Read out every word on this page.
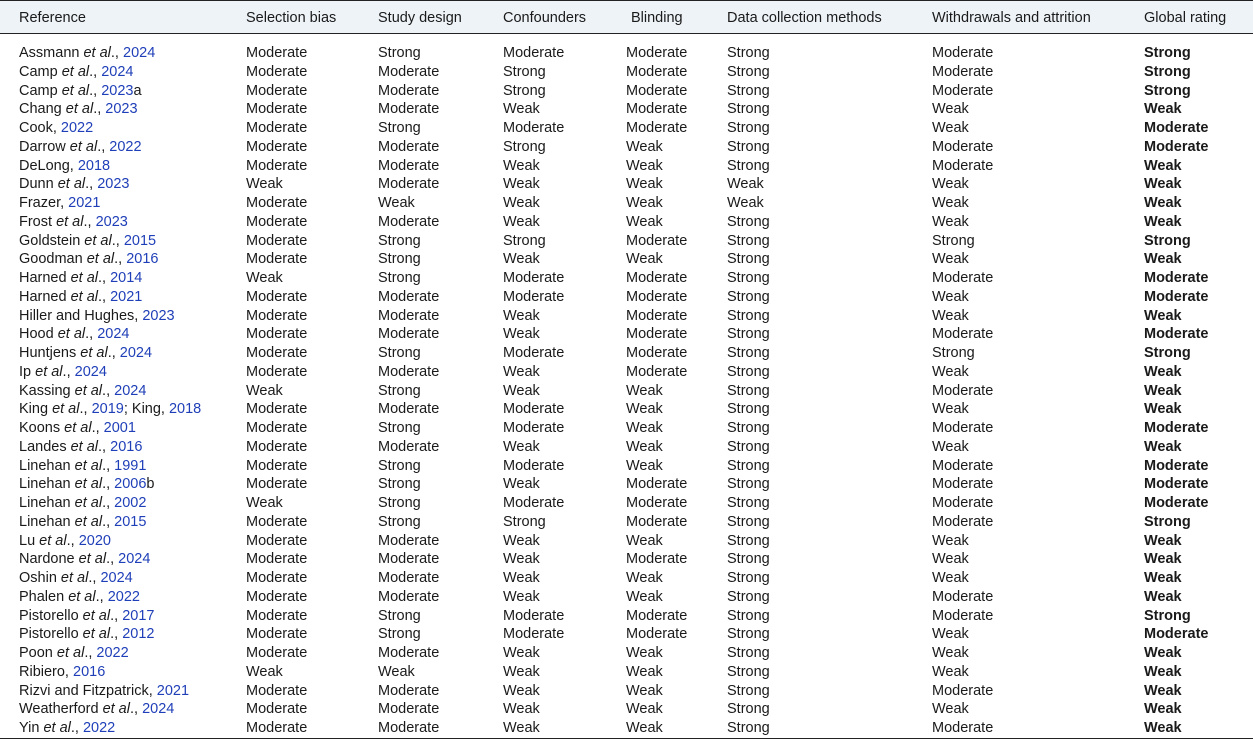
Reference	Selection bias	Study design	Confounders	Blinding	Data collection methods	Withdrawals and attrition	Global rating
Assmann et al., 2024	Moderate	Strong	Moderate	Moderate	Strong	Moderate	Strong
Camp et al., 2024	Moderate	Moderate	Strong	Moderate	Strong	Moderate	Strong
Camp et al., 2023a	Moderate	Moderate	Strong	Moderate	Strong	Moderate	Strong
Chang et al., 2023	Moderate	Moderate	Weak	Moderate	Strong	Weak	Weak
Cook, 2022	Moderate	Strong	Moderate	Moderate	Strong	Weak	Moderate
Darrow et al., 2022	Moderate	Moderate	Strong	Weak	Strong	Moderate	Moderate
DeLong, 2018	Moderate	Moderate	Weak	Weak	Strong	Moderate	Weak
Dunn et al., 2023	Weak	Moderate	Weak	Weak	Weak	Weak	Weak
Frazer, 2021	Moderate	Weak	Weak	Weak	Weak	Weak	Weak
Frost et al., 2023	Moderate	Moderate	Weak	Weak	Strong	Weak	Weak
Goldstein et al., 2015	Moderate	Strong	Strong	Moderate	Strong	Strong	Strong
Goodman et al., 2016	Moderate	Strong	Weak	Weak	Strong	Weak	Weak
Harned et al., 2014	Weak	Strong	Moderate	Moderate	Strong	Moderate	Moderate
Harned et al., 2021	Moderate	Moderate	Moderate	Moderate	Strong	Weak	Moderate
Hiller and Hughes, 2023	Moderate	Moderate	Weak	Moderate	Strong	Weak	Weak
Hood et al., 2024	Moderate	Moderate	Weak	Moderate	Strong	Moderate	Moderate
Huntjens et al., 2024	Moderate	Strong	Moderate	Moderate	Strong	Strong	Strong
Ip et al., 2024	Moderate	Moderate	Weak	Moderate	Strong	Weak	Weak
Kassing et al., 2024	Weak	Strong	Weak	Weak	Strong	Moderate	Weak
King et al., 2019; King, 2018	Moderate	Moderate	Moderate	Weak	Strong	Weak	Weak
Koons et al., 2001	Moderate	Strong	Moderate	Weak	Strong	Moderate	Moderate
Landes et al., 2016	Moderate	Moderate	Weak	Weak	Strong	Weak	Weak
Linehan et al., 1991	Moderate	Strong	Moderate	Weak	Strong	Moderate	Moderate
Linehan et al., 2006b	Moderate	Strong	Weak	Moderate	Strong	Moderate	Moderate
Linehan et al., 2002	Weak	Strong	Moderate	Moderate	Strong	Moderate	Moderate
Linehan et al., 2015	Moderate	Strong	Strong	Moderate	Strong	Moderate	Strong
Lu et al., 2020	Moderate	Moderate	Weak	Weak	Strong	Weak	Weak
Nardone et al., 2024	Moderate	Moderate	Weak	Moderate	Strong	Weak	Weak
Oshin et al., 2024	Moderate	Moderate	Weak	Weak	Strong	Weak	Weak
Phalen et al., 2022	Moderate	Moderate	Weak	Weak	Strong	Moderate	Weak
Pistorello et al., 2017	Moderate	Strong	Moderate	Moderate	Strong	Moderate	Strong
Pistorello et al., 2012	Moderate	Strong	Moderate	Moderate	Strong	Weak	Moderate
Poon et al., 2022	Moderate	Moderate	Weak	Weak	Strong	Weak	Weak
Ribiero, 2016	Weak	Weak	Weak	Weak	Strong	Weak	Weak
Rizvi and Fitzpatrick, 2021	Moderate	Moderate	Weak	Weak	Strong	Moderate	Weak
Weatherford et al., 2024	Moderate	Moderate	Weak	Weak	Strong	Weak	Weak
Yin et al., 2022	Moderate	Moderate	Weak	Weak	Strong	Moderate	Weak
